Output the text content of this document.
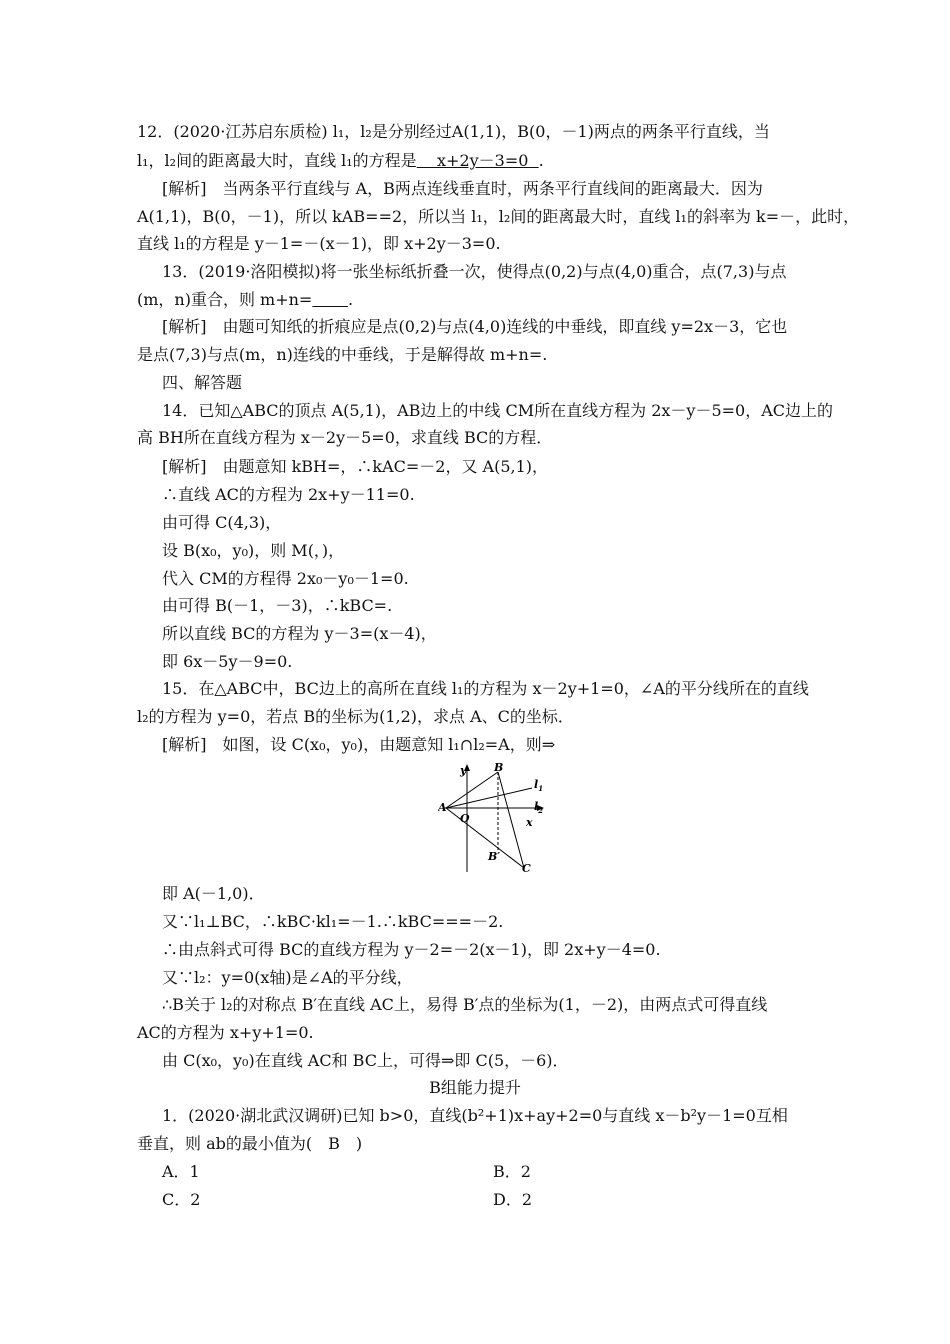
12．(2020·江苏启东质检) l₁，l₂是分别经过A(1,1)，B(0，－1)两点的两条平行直线，当
l₁，l₂间的距离最大时，直线 l₁的方程是 x+2y－3=0 .
[解析]　当两条平行直线与 A，B两点连线垂直时，两条平行直线间的距离最大．因为
A(1,1)，B(0，－1)，所以 kAB==2，所以当 l₁，l₂间的距离最大时，直线 l₁的斜率为 k=－，此时，
直线 l₁的方程是 y－1=－(x－1)，即 x+2y－3=0.
13．(2019·洛阳模拟)将一张坐标纸折叠一次，使得点(0,2)与点(4,0)重合，点(7,3)与点
(m，n)重合，则 m+n= .
[解析]　由题可知纸的折痕应是点(0,2)与点(4,0)连线的中垂线，即直线 y=2x－3，它也
是点(7,3)与点(m，n)连线的中垂线，于是解得故 m+n=.
四、解答题
14．已知△ABC的顶点 A(5,1)，AB边上的中线 CM所在直线方程为 2x－y－5=0，AC边上的
高 BH所在直线方程为 x－2y－5=0，求直线 BC的方程．
[解析]　由题意知 kBH=，∴kAC=－2，又 A(5,1)，
∴直线 AC的方程为 2x+y－11=0.
由可得 C(4,3)，
设 B(x₀，y₀)，则 M(，)，
代入 CM的方程得 2x₀－y₀－1=0.
由可得 B(－1，－3)，∴kBC=.
所以直线 BC的方程为 y－3=(x－4)，
即 6x－5y－9=0.
15．在△ABC中，BC边上的高所在直线 l₁的方程为 x－2y+1=0，∠A的平分线所在的直线
l₂的方程为 y=0，若点 B的坐标为(1,2)，求点 A、C的坐标．
[解析]　如图，设 C(x₀，y₀)，由题意知 l₁∩l₂=A，则⇒
y	B
$l_1$
A
O
$l_2$
x
B′
C
即 A(－1,0)．
又∵l₁⊥BC，∴kBC·kl₁=－1.∴kBC===－2.
∴由点斜式可得 BC的直线方程为 y－2=－2(x－1)，即 2x+y－4=0.
又∵l₂：y=0(x轴)是∠A的平分线，
∴B关于 l₂的对称点 B′在直线 AC上，易得 B′点的坐标为(1，－2)，由两点式可得直线
AC的方程为 x+y+1=0.
由 C(x₀，y₀)在直线 AC和 BC上，可得⇒即 C(5，－6)．
B组能力提升
1．(2020·湖北武汉调研)已知 b>0，直线(b²+1)x+ay+2=0与直线 x－b²y－1=0互相
垂直，则 ab的最小值为(　B　)
A．1	B．2
C．2	D．2
